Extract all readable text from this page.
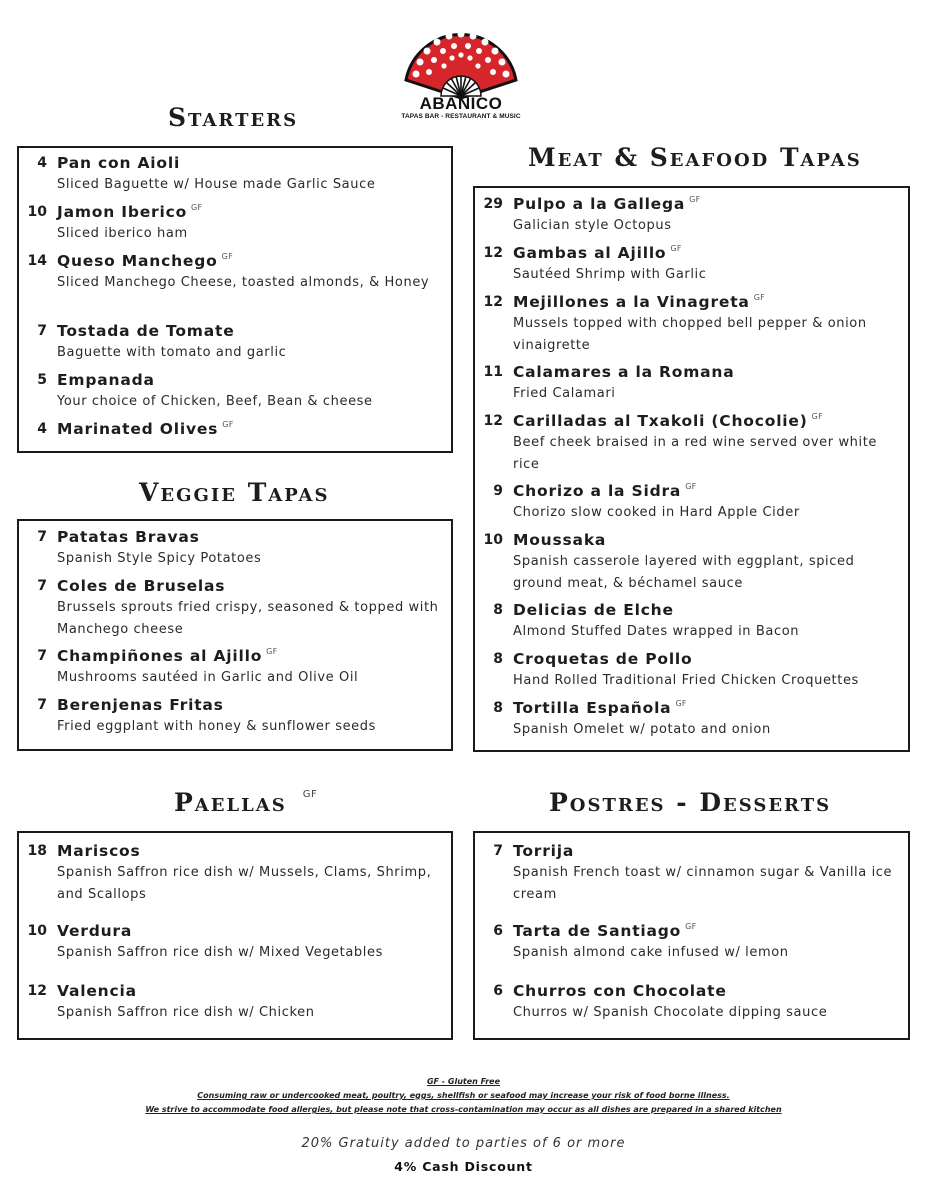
ABANICO
TAPAS BAR - RESTAURANT & MUSIC
Starters
Meat & Seafood Tapas
Veggie Tapas
Paellas $^{GF}$	Postres - Desserts
4 Pan con Aioli
Sliced Baguette w/ House made Garlic Sauce
10 Jamon Iberico $^{GF}$
Sliced iberico ham
14 Queso Manchego $^{GF}$
Sliced Manchego Cheese, toasted almonds, & Honey
7 Tostada de Tomate
Baguette with tomato and garlic
5 Empanada
Your choice of Chicken, Beef, Bean & cheese
4 Marinated Olives $^{GF}$
29 Pulpo a la Gallega $^{GF}$
Galician style Octopus
12 Gambas al Ajillo $^{GF}$
Sautéed Shrimp with Garlic
12 Mejillones a la Vinagreta $^{GF}$
Mussels topped with chopped bell pepper & onion vinaigrette
11 Calamares a la Romana
Fried Calamari
12 Carilladas al Txakoli (Chocolie) $^{GF}$
Beef cheek braised in a red wine served over white rice
9 Chorizo a la Sidra $^{GF}$
Chorizo slow cooked in Hard Apple Cider
10 Moussaka
Spanish casserole layered with eggplant, spiced ground meat, & béchamel sauce
8 Delicias de Elche
Almond Stuffed Dates wrapped in Bacon
8 Croquetas de Pollo
Hand Rolled Traditional Fried Chicken Croquettes
8 Tortilla Española $^{GF}$
Spanish Omelet w/ potato and onion
7 Patatas Bravas
Spanish Style Spicy Potatoes
7 Coles de Bruselas
Brussels sprouts fried crispy, seasoned & topped with Manchego cheese
7 Champiñones al Ajillo $^{GF}$
Mushrooms sautéed in Garlic and Olive Oil
7 Berenjenas Fritas
Fried eggplant with honey & sunflower seeds
18 Mariscos
Spanish Saffron rice dish w/ Mussels, Clams, Shrimp, and Scallops
10 Verdura
Spanish Saffron rice dish w/ Mixed Vegetables
12 Valencia
Spanish Saffron rice dish w/ Chicken
7 Torrija
Spanish French toast w/ cinnamon sugar & Vanilla ice cream
6 Tarta de Santiago $^{GF}$
Spanish almond cake infused w/ lemon
6 Churros con Chocolate
Churros w/ Spanish Chocolate dipping sauce
GF - Gluten Free
Consuming raw or undercooked meat, poultry, eggs, shellfish or seafood may increase your risk of food borne illness.
We strive to accommodate food allergies, but please note that cross-contamination may occur as all dishes are prepared in a shared kitchen
20% Gratuity added to parties of 6 or more
4% Cash Discount
